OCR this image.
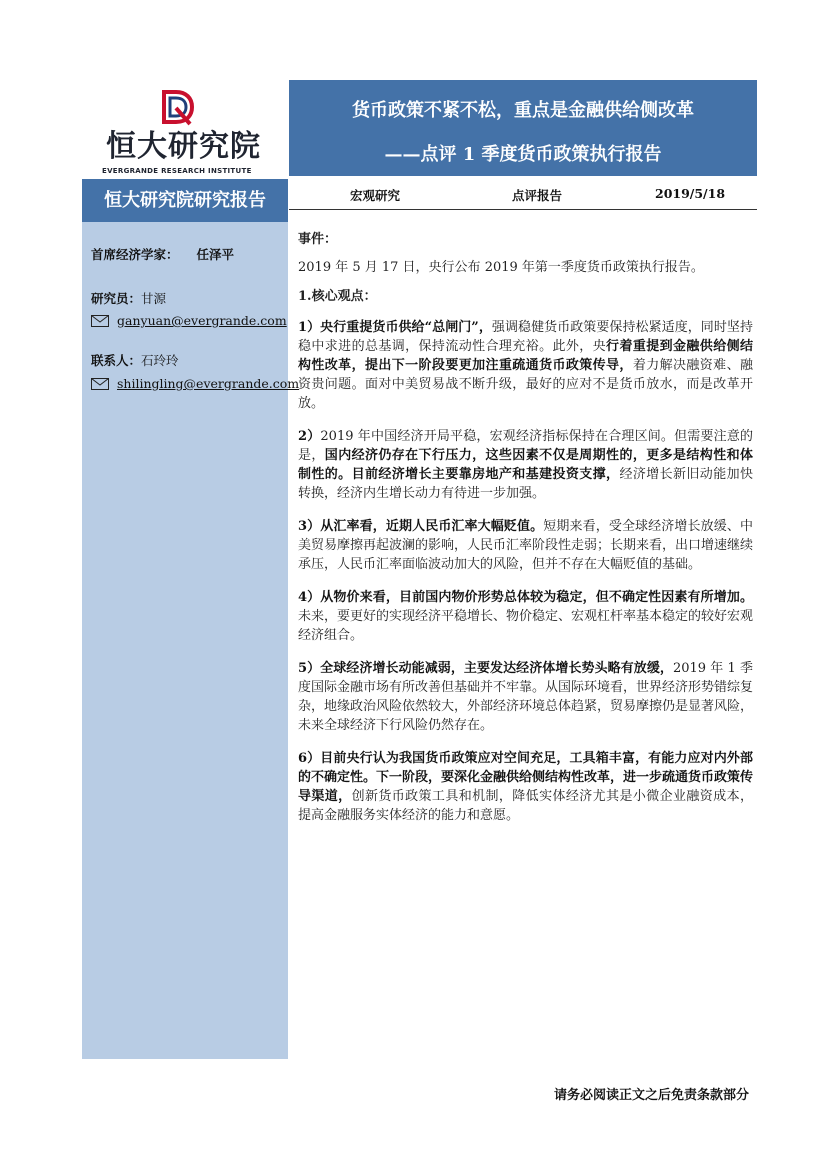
恒大研究院
EVERGRANDE RESEARCH INSTITUTE
货币政策不紧不松，重点是金融供给侧改革
——点评 1 季度货币政策执行报告
恒大研究院研究报告	宏观研究	点评报告	2019/5/18
首席经济学家： 任泽平
研究员：甘源
ganyuan@evergrande.com
联系人：石玲玲
shilingling@evergrande.com

事件：

2019 年 5 月 17 日，央行公布 2019 年第一季度货币政策执行报告。

1.核心观点：

1）央行重提货币供给“总闸门”，强调稳健货币政策要保持松紧适度，同时坚持稳中求进的总基调，保持流动性合理充裕。此外，央行着重提到金融供给侧结构性改革，提出下一阶段要更加注重疏通货币政策传导，着力解决融资难、融资贵问题。面对中美贸易战不断升级，最好的应对不是货币放水，而是改革开放。

2）2019 年中国经济开局平稳，宏观经济指标保持在合理区间。但需要注意的是，国内经济仍存在下行压力，这些因素不仅是周期性的，更多是结构性和体制性的。目前经济增长主要靠房地产和基建投资支撑，经济增长新旧动能加快转换，经济内生增长动力有待进一步加强。

3）从汇率看，近期人民币汇率大幅贬值。短期来看，受全球经济增长放缓、中美贸易摩擦再起波澜的影响，人民币汇率阶段性走弱；长期来看，出口增速继续承压，人民币汇率面临波动加大的风险，但并不存在大幅贬值的基础。

4）从物价来看，目前国内物价形势总体较为稳定，但不确定性因素有所增加。未来，要更好的实现经济平稳增长、物价稳定、宏观杠杆率基本稳定的较好宏观经济组合。

5）全球经济增长动能减弱，主要发达经济体增长势头略有放缓，2019 年 1 季度国际金融市场有所改善但基础并不牢靠。从国际环境看，世界经济形势错综复杂，地缘政治风险依然较大，外部经济环境总体趋紧，贸易摩擦仍是显著风险，未来全球经济下行风险仍然存在。

6）目前央行认为我国货币政策应对空间充足，工具箱丰富，有能力应对内外部的不确定性。下一阶段，要深化金融供给侧结构性改革，进一步疏通货币政策传导渠道，创新货币政策工具和机制，降低实体经济尤其是小微企业融资成本，提高金融服务实体经济的能力和意愿。

请务必阅读正文之后免责条款部分
